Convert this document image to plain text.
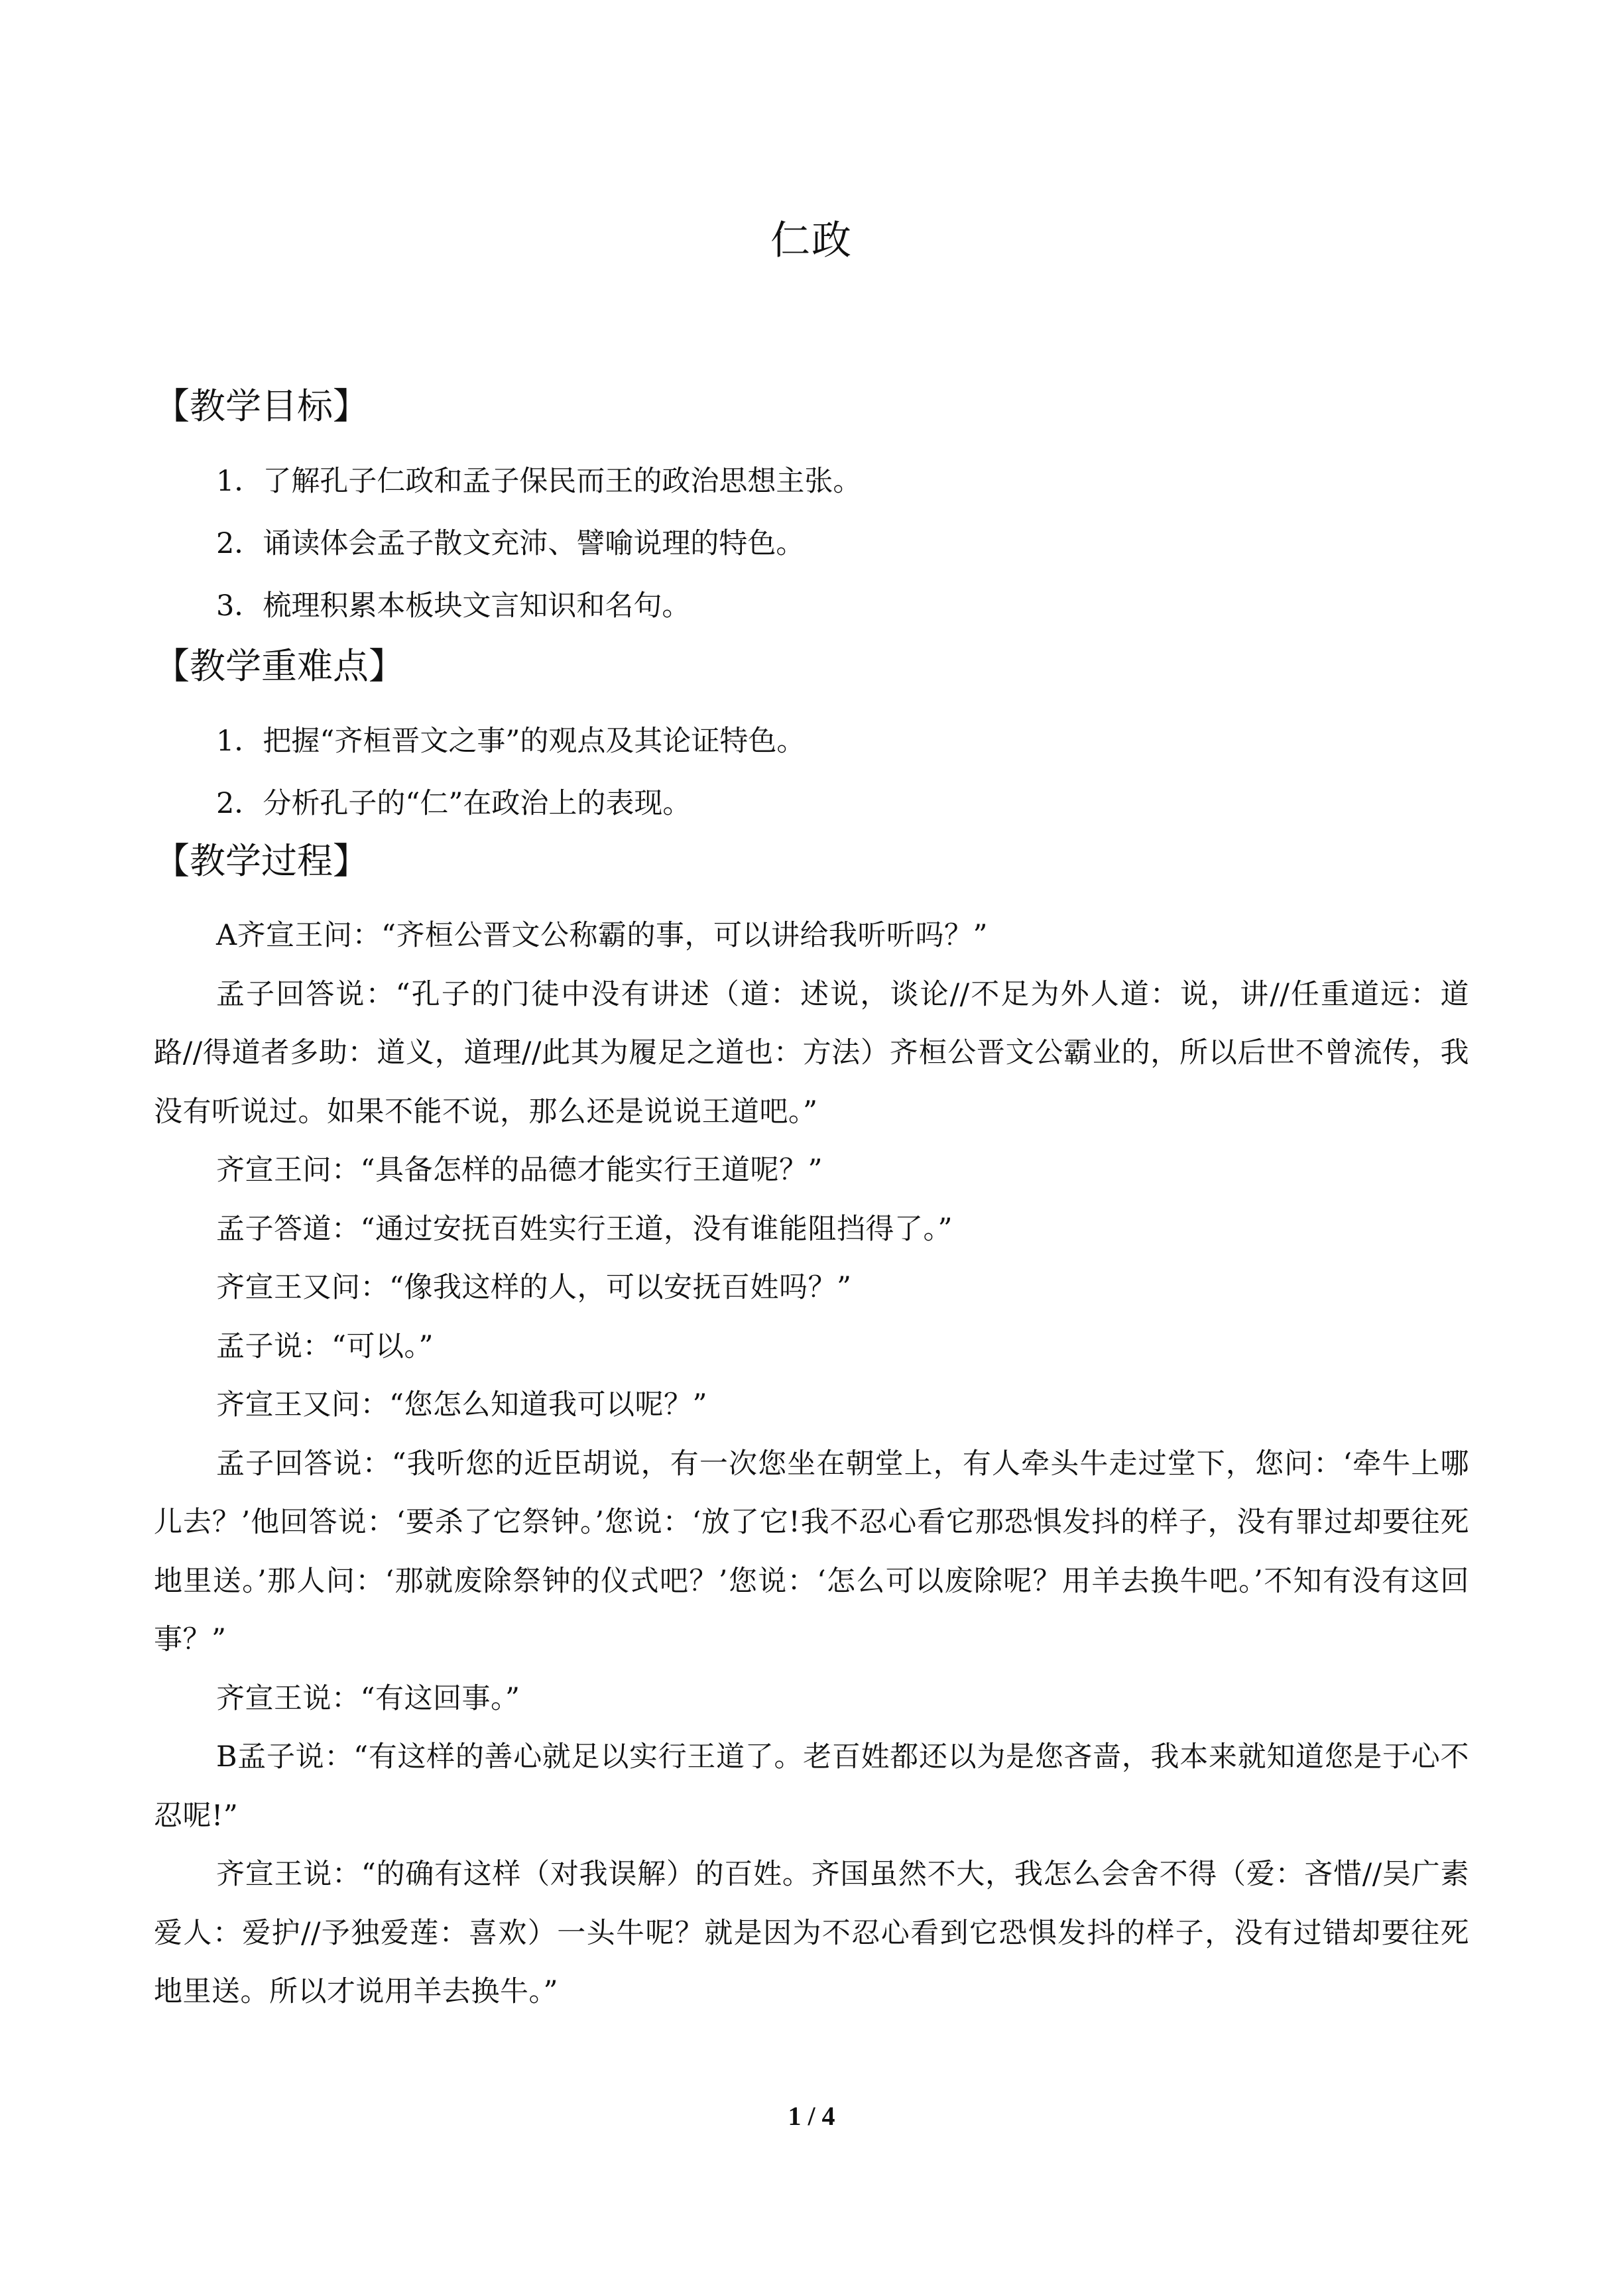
仁政

【教学目标】

1．了解孔子仁政和孟子保民而王的政治思想主张。

2．诵读体会孟子散文充沛、譬喻说理的特色。

3．梳理积累本板块文言知识和名句。

【教学重难点】

1．把握“齐桓晋文之事”的观点及其论证特色。

2．分析孔子的“仁”在政治上的表现。

【教学过程】

A齐宣王问：“齐桓公晋文公称霸的事，可以讲给我听听吗？”

孟子回答说：“孔子的门徒中没有讲述（道：述说，谈论//不足为外人道：说，讲//任重道远：道路//得道者多助：道义，道理//此其为履足之道也：方法）齐桓公晋文公霸业的，所以后世不曾流传，我没有听说过。如果不能不说，那么还是说说王道吧。”

齐宣王问：“具备怎样的品德才能实行王道呢？”

孟子答道：“通过安抚百姓实行王道，没有谁能阻挡得了。”

齐宣王又问：“像我这样的人，可以安抚百姓吗？”

孟子说：“可以。”

齐宣王又问：“您怎么知道我可以呢？”

孟子回答说：“我听您的近臣胡说，有一次您坐在朝堂上，有人牵头牛走过堂下，您问：‘牵牛上哪儿去？’他回答说：‘要杀了它祭钟。’您说：‘放了它!我不忍心看它那恐惧发抖的样子，没有罪过却要往死地里送。’那人问：‘那就废除祭钟的仪式吧？’您说：‘怎么可以废除呢？用羊去换牛吧。’不知有没有这回事？”

齐宣王说：“有这回事。”

B孟子说：“有这样的善心就足以实行王道了。老百姓都还以为是您吝啬，我本来就知道您是于心不忍呢!”

齐宣王说：“的确有这样（对我误解）的百姓。齐国虽然不大，我怎么会舍不得（爱：吝惜//吴广素爱人：爱护//予独爱莲：喜欢）一头牛呢？就是因为不忍心看到它恐惧发抖的样子，没有过错却要往死地里送。所以才说用羊去换牛。”

1 / 4
